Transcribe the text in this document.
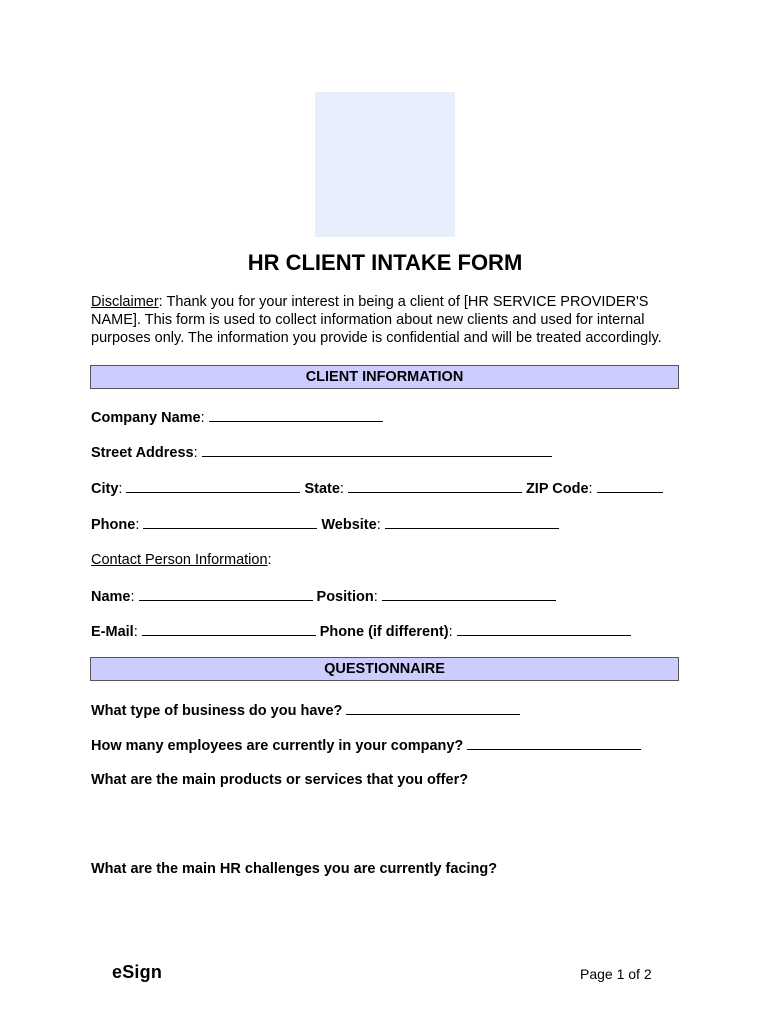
HR CLIENT INTAKE FORM
Disclaimer: Thank you for your interest in being a client of [HR SERVICE PROVIDER'S NAME]. This form is used to collect information about new clients and used for internal purposes only. The information you provide is confidential and will be treated accordingly.
CLIENT INFORMATION
Company Name:
Street Address:
City:	State:	ZIP Code:
Phone:	Website:
Contact Person Information:
Name:	Position:
E-Mail:	Phone (if different):
QUESTIONNAIRE
What type of business do you have?
How many employees are currently in your company?
What are the main products or services that you offer?
What are the main HR challenges you are currently facing?
eSign	Page 1 of 2
